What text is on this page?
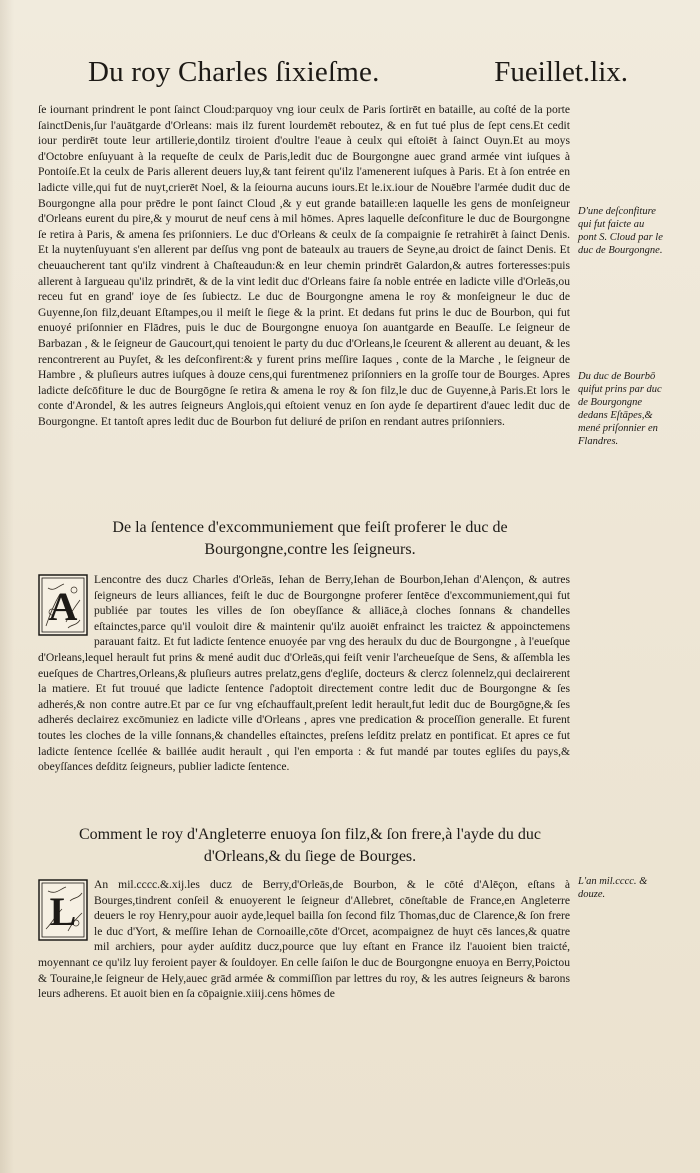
Du roy Charles ſixieſme.	Fueillet.lix.

ſe iournant prindrent le pont ſainct Cloud:parquoy vng iour ceulx de Paris ſortirēt en bataille, au coſté de la porte ſainctDenis,ſur l'auātgarde d'Orleans: mais ilz furent lourdemēt reboutez, & en fut tué plus de ſept cens.Et cedit iour perdirēt toute leur artillerie,dontilz tiroient d'oultre l'eaue à ceulx qui eſtoiēt à ſainct Ouyn.Et au moys d'Octobre enſuyuant à la requeſte de ceulx de Paris,ledit duc de Bourgongne auec grand armée vint iuſques à Pontoiſe.Et la ceulx de Paris allerent deuers luy,& tant feirent qu'ilz l'amenerent iuſques à Paris. Et à ſon entrée en ladicte ville,qui fut de nuyt,crierēt Noel, & la ſeiourna aucuns iours.Et le.ix.iour de Nouēbre l'armée dudit duc de Bourgongne alla pour prēdre le pont ſainct Cloud ,& y eut grande bataille:en laquelle les gens de monſeigneur d'Orleans eurent du pire,& y mourut de neuf cens à mil hōmes. Apres laquelle deſconfiture le duc de Bourgongne ſe retira à Paris, & amena ſes priſonniers. Le duc d'Orleans & ceulx de ſa compaignie ſe retrahirēt à ſainct Denis. Et la nuytenſuyuant s'en allerent par deſſus vng pont de bateaulx au trauers de Seyne,au droict de ſainct Denis. Et cheuaucherent tant qu'ilz vindrent à Chaſteaudun:& en leur chemin prindrēt Galardon,& autres forteresses:puis allerent à Iargueau qu'ilz prindrēt, & de la vint ledit duc d'Orleans faire ſa noble entrée en ladicte ville d'Orleās,ou receu fut en grand' ioye de ſes ſubiectz. Le duc de Bourgongne amena le roy & monſeigneur le duc de Guyenne,ſon filz,deuant Eſtampes,ou il meiſt le ſiege & la print. Et dedans fut prins le duc de Bourbon, qui fut enuoyé priſonnier en Flādres, puis le duc de Bourgongne enuoya ſon auantgarde en Beauſſe. Le ſeigneur de Barbazan , & le ſeigneur de Gaucourt,qui tenoient le party du duc d'Orleans,le ſceurent & allerent au deuant, & les rencontrerent au Puyſet, & les deſconfirent:& y furent prins meſſire Iaques , conte de la Marche , le ſeigneur de Hambre , & pluſieurs autres iuſques à douze cens,qui furentmenez priſonniers en la groſſe tour de Bourges. Apres ladicte deſcōfiture le duc de Bourgōgne ſe retira & amena le roy & ſon filz,le duc de Guyenne,à Paris.Et lors le conte d'Arondel, & les autres ſeigneurs Anglois,qui eſtoient venuz en ſon ayde ſe departirent d'auec ledit duc de Bourgongne. Et tantoſt apres ledit duc de Bourbon fut deliuré de priſon en rendant autres priſonniers.

D'une deſconfiture qui fut faicte au pont S. Cloud par le duc de Bourgongne.

Du duc de Bourbō quifut prins par duc de Bourgongne dedans Eſtāpes,& mené priſonnier en Flandres.

De la ſentence d'excommuniement que feiſt proferer le duc de Bourgongne,contre les ſeigneurs.
A
Lencontre des ducz Charles d'Orleās, Iehan de Berry,Iehan de Bourbon,Iehan d'Alençon, & autres ſeigneurs de leurs alliances, feiſt le duc de Bourgongne proferer ſentēce d'excommuniement,qui fut publiée par toutes les villes de ſon obeyſſance & alliāce,à cloches ſonnans & chandelles eſtainctes,parce qu'il vouloit dire & maintenir qu'ilz auoiēt enfrainct les traictez & appoinctemens parauant faitz. Et fut ladicte ſentence enuoyée par vng des heraulx du duc de Bourgongne , à l'eueſque d'Orleans,lequel herault fut prins & mené audit duc d'Orleās,qui feiſt venir l'archeueſque de Sens, & aſſembla les eueſques de Chartres,Orleans,& pluſieurs autres prelatz,gens d'egliſe, docteurs & clercz ſolennelz,qui declairerent la matiere. Et fut trouué que ladicte ſentence ſ'adoptoit directement contre ledit duc de Bourgongne & ſes adherés,& non contre autre.Et par ce ſur vng eſchauffault,preſent ledit herault,fut ledit duc de Bourgōgne,& ſes adherés declairez excōmuniez en ladicte ville d'Orleans , apres vne predication & proceſſion generalle. Et furent toutes les cloches de la ville ſonnans,& chandelles eſtainctes, preſens leſditz prelatz en pontificat. Et apres ce fut ladicte ſentence ſcellée & baillée audit herault , qui l'en emporta : & fut mandé par toutes egliſes du pays,& obeyſſances deſditz ſeigneurs, publier ladicte ſentence.
Comment le roy d'Angleterre enuoya ſon filz,& ſon frere,à l'ayde du duc d'Orleans,& du ſiege de Bourges.
L
An mil.cccc.&.xij.les ducz de Berry,d'Orleās,de Bourbon, & le cōté d'Alēçon, eſtans à Bourges,tindrent conſeil & enuoyerent le ſeigneur d'Allebret, cōneſtable de France,en Angleterre deuers le roy Henry,pour auoir ayde,lequel bailla ſon ſecond filz Thomas,duc de Clarence,& ſon frere le duc d'Yort, & meſſire Iehan de Cornoaille,cōte d'Orcet, acompaignez de huyt cēs lances,& quatre mil archiers, pour ayder auſditz ducz,pource que luy eſtant en France ilz l'auoient bien traicté, moyennant ce qu'ilz luy feroient payer & ſouldoyer. En celle ſaiſon le duc de Bourgongne enuoya en Berry,Poictou & Touraine,le ſeigneur de Hely,auec grād armée & commiſſion par lettres du roy, & les autres ſeigneurs & barons leurs adherens. Et auoit bien en ſa cōpaignie.xiiij.cens hōmes de

L'an mil.cccc. & douze.
